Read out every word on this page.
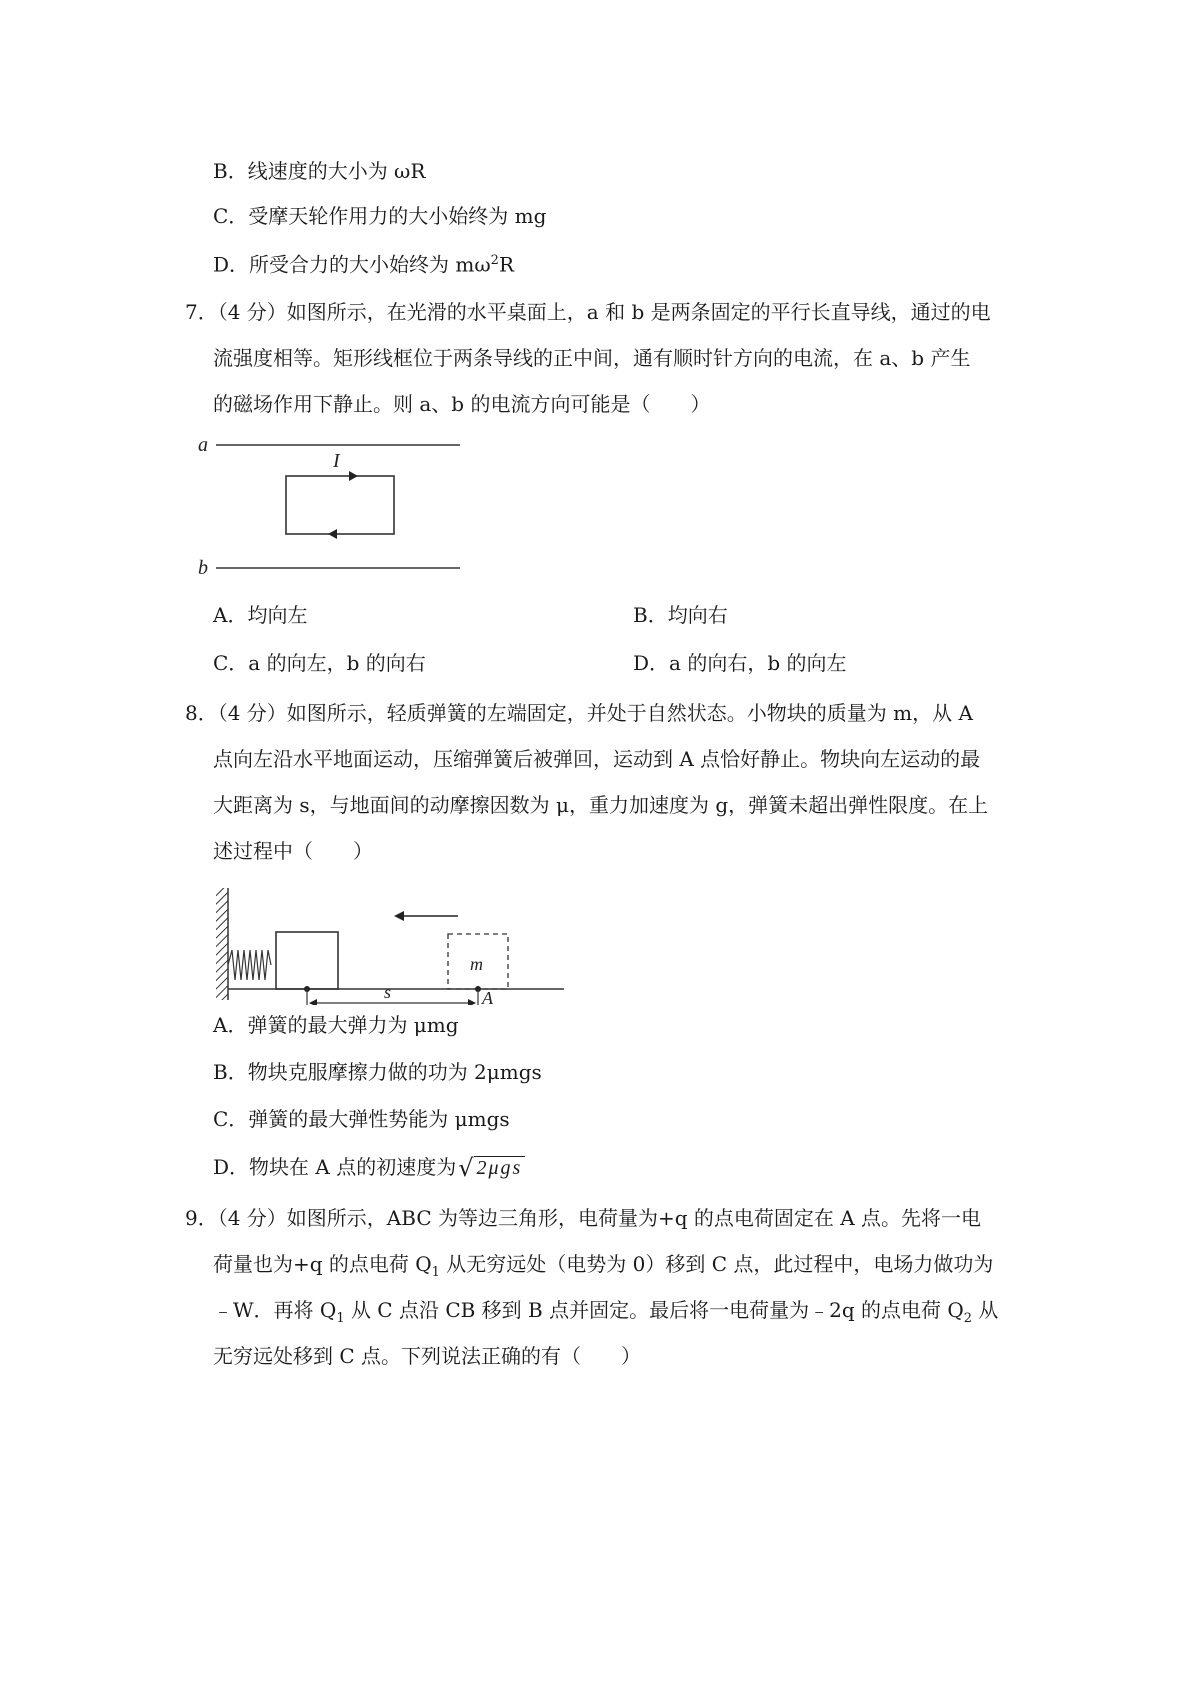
B．线速度的大小为 ωR
C．受摩天轮作用力的大小始终为 mg
D．所受合力的大小始终为 $m\omega^2R$
7．（4 分）如图所示，在光滑的水平桌面上，a 和 b 是两条固定的平行长直导线，通过的电
流强度相等。矩形线框位于两条导线的正中间，通有顺时针方向的电流，在 a、b 产生
的磁场作用下静止。则 a、b 的电流方向可能是（　　）
a
I
b
A．均向左	B．均向右
C．a 的向左，b 的向右	D．a 的向右，b 的向左
8．（4 分）如图所示，轻质弹簧的左端固定，并处于自然状态。小物块的质量为 m，从 A
点向左沿水平地面运动，压缩弹簧后被弹回，运动到 A 点恰好静止。物块向左运动的最
大距离为 s，与地面间的动摩擦因数为 μ，重力加速度为 g，弹簧未超出弹性限度。在上
述过程中（　　）
m
s	A
A．弹簧的最大弹力为 μmg
B．物块克服摩擦力做的功为 2μmgs
C．弹簧的最大弹性势能为 μmgs
D．物块在 A 点的初速度为√ 2μgs
9．（4 分）如图所示，ABC 为等边三角形，电荷量为+q 的点电荷固定在 A 点。先将一电
荷量也为+q 的点电荷 $Q_1$ 从无穷远处（电势为 0）移到 C 点，此过程中，电场力做功为
﹣W．再将 $Q_1$ 从 C 点沿 CB 移到 B 点并固定。最后将一电荷量为﹣2q 的点电荷 $Q_2$ 从
无穷远处移到 C 点。下列说法正确的有（　　）
